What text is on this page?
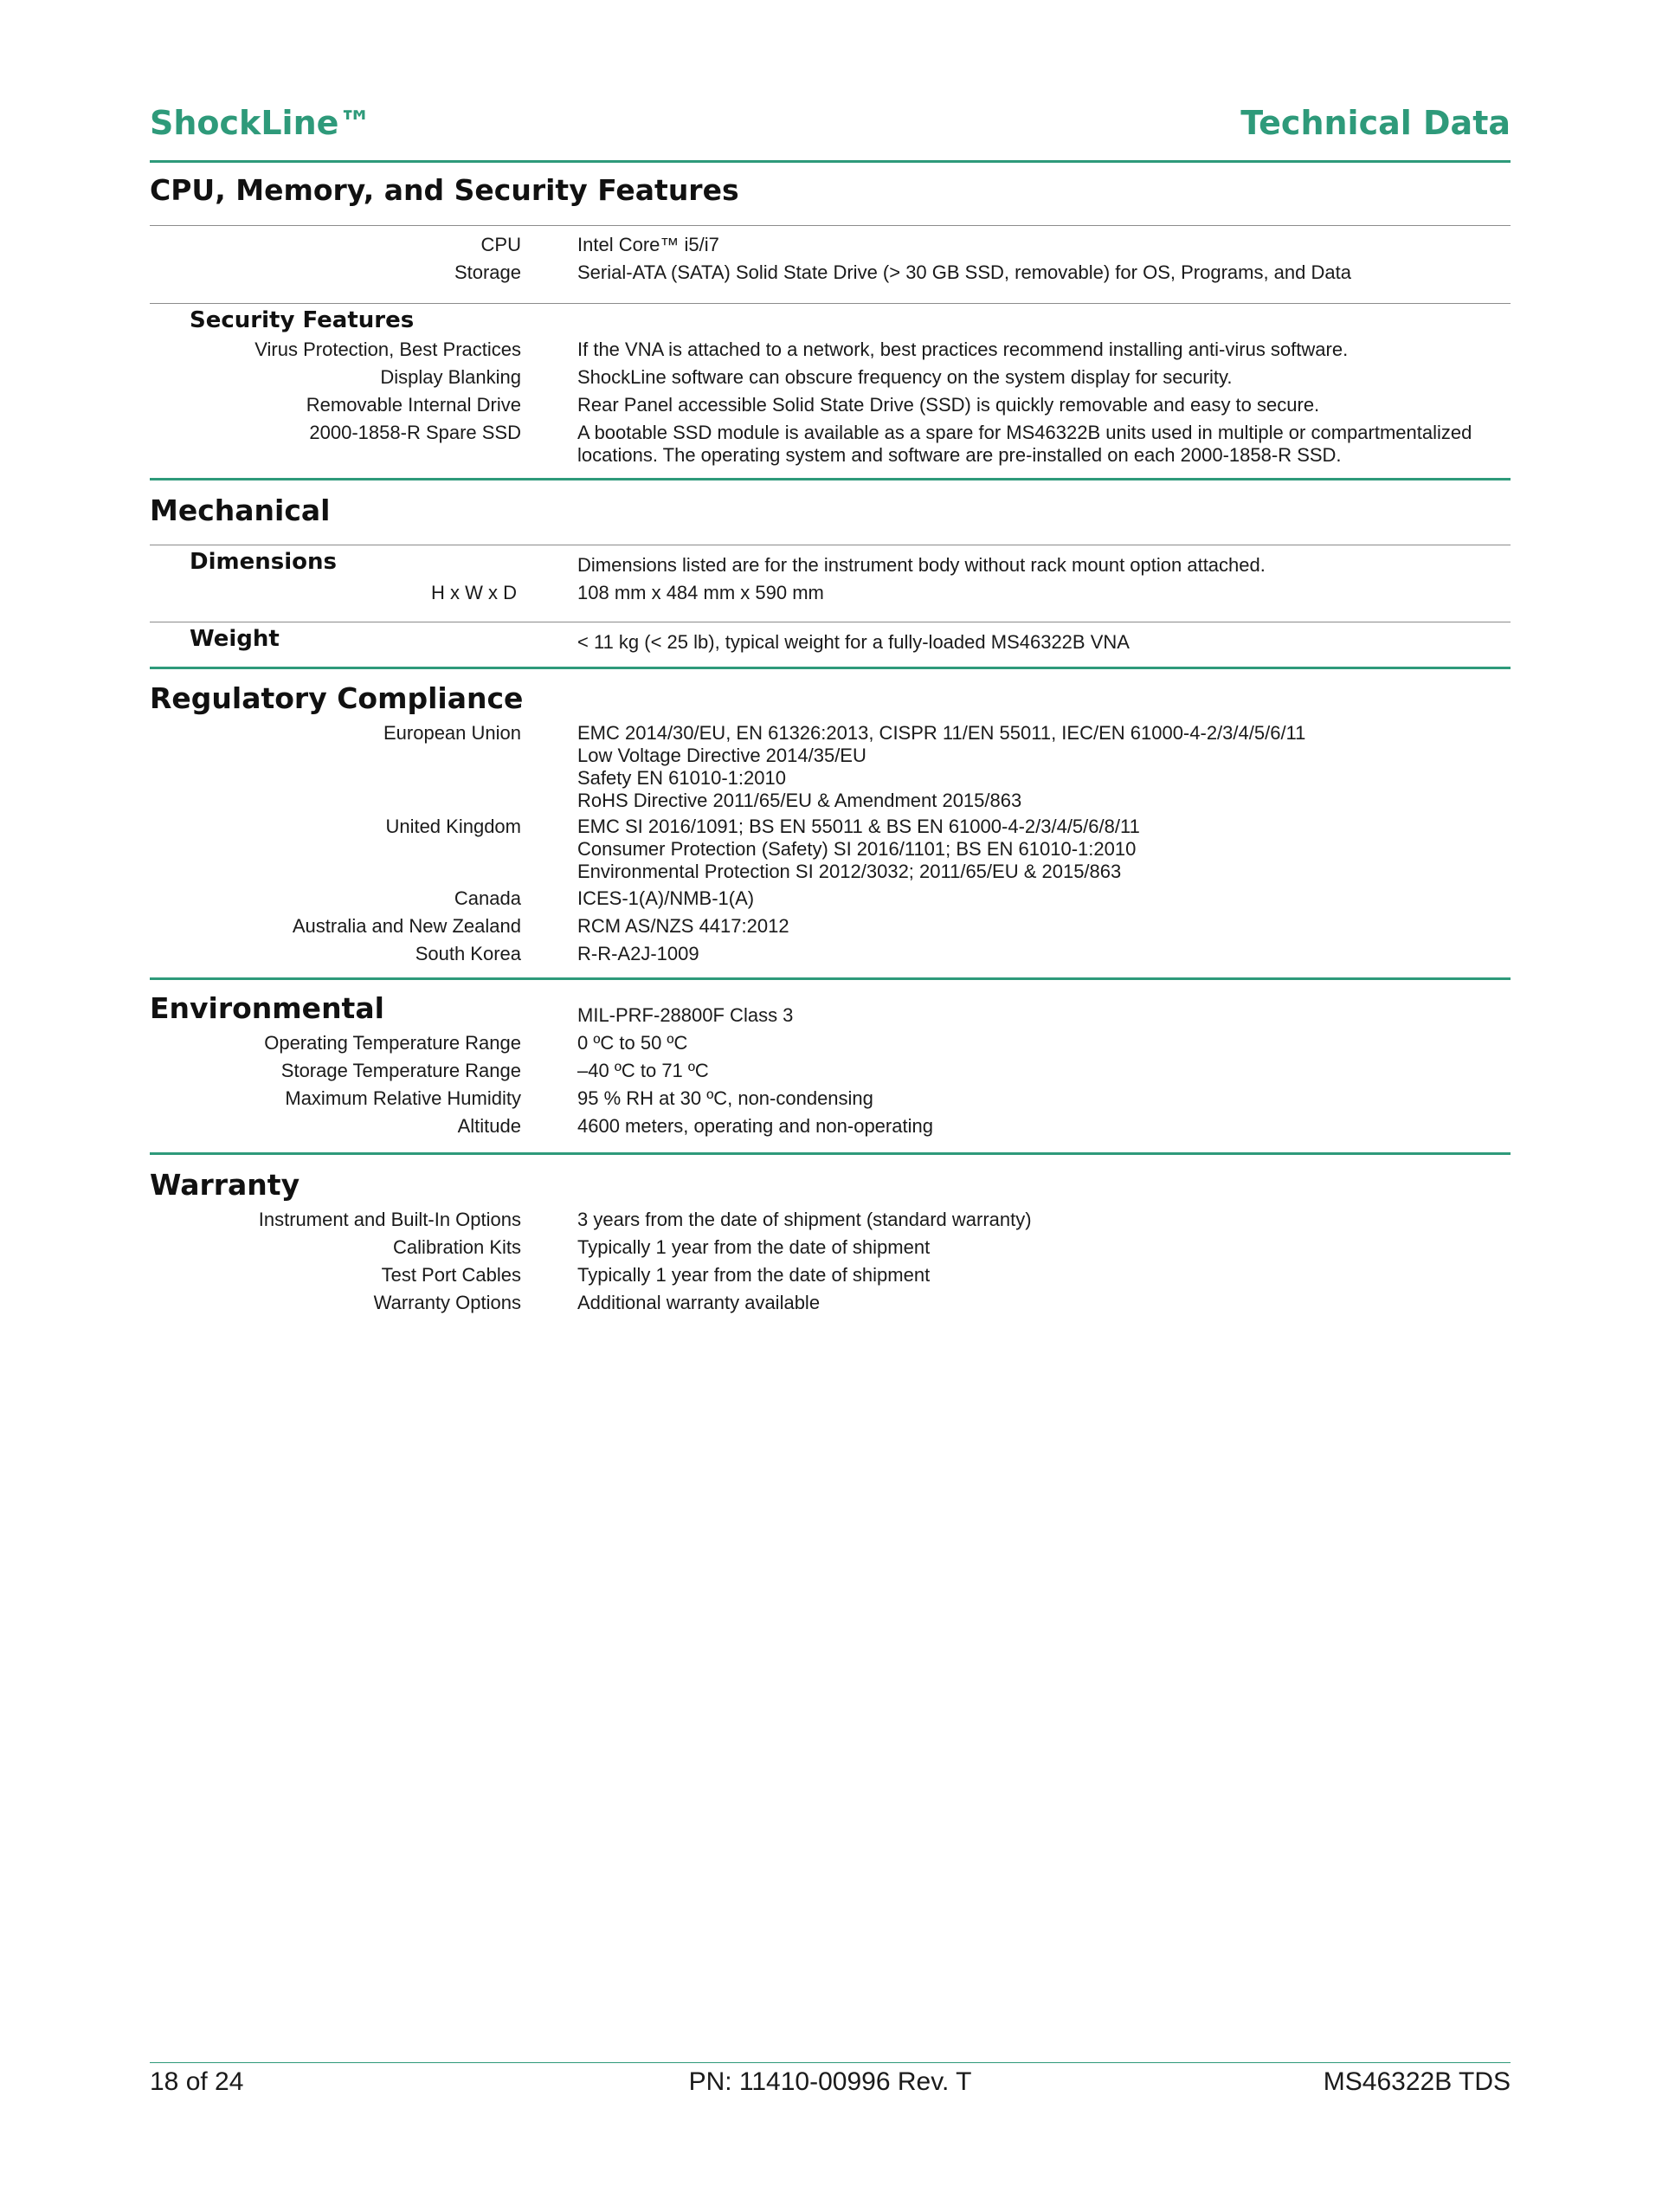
ShockLine™	Technical Data
CPU, Memory, and Security Features
CPU	Intel Core™ i5/i7
Storage	Serial-ATA (SATA) Solid State Drive (> 30 GB SSD, removable) for OS, Programs, and Data
Security Features
Virus Protection, Best Practices	If the VNA is attached to a network, best practices recommend installing anti-virus software.
Display Blanking	ShockLine software can obscure frequency on the system display for security.
Removable Internal Drive	Rear Panel accessible Solid State Drive (SSD) is quickly removable and easy to secure.
2000-1858-R Spare SSD	A bootable SSD module is available as a spare for MS46322B units used in multiple or compartmentalized locations. The operating system and software are pre-installed on each 2000-1858-R SSD.
Mechanical
Dimensions	Dimensions listed are for the instrument body without rack mount option attached.
H x W x D	108 mm x 484 mm x 590 mm
Weight	< 11 kg (< 25 lb), typical weight for a fully-loaded MS46322B VNA
Regulatory Compliance
European Union	EMC 2014/30/EU, EN 61326:2013, CISPR 11/EN 55011, IEC/EN 61000-4-2/3/4/5/6/11
Low Voltage Directive 2014/35/EU
Safety EN 61010-1:2010
RoHS Directive 2011/65/EU & Amendment 2015/863
United Kingdom	EMC SI 2016/1091; BS EN 55011 & BS EN 61000-4-2/3/4/5/6/8/11
Consumer Protection (Safety) SI 2016/1101; BS EN 61010-1:2010
Environmental Protection SI 2012/3032; 2011/65/EU & 2015/863
Canada	ICES-1(A)/NMB-1(A)
Australia and New Zealand	RCM AS/NZS 4417:2012
South Korea	R-R-A2J-1009
Environmental	MIL-PRF-28800F Class 3
Operating Temperature Range	0 ºC to 50 ºC
Storage Temperature Range	–40 ºC to 71 ºC
Maximum Relative Humidity	95 % RH at 30 ºC, non-condensing
Altitude	4600 meters, operating and non-operating
Warranty
Instrument and Built-In Options	3 years from the date of shipment (standard warranty)
Calibration Kits	Typically 1 year from the date of shipment
Test Port Cables	Typically 1 year from the date of shipment
Warranty Options	Additional warranty available
18 of 24	PN: 11410-00996 Rev. T	MS46322B TDS
